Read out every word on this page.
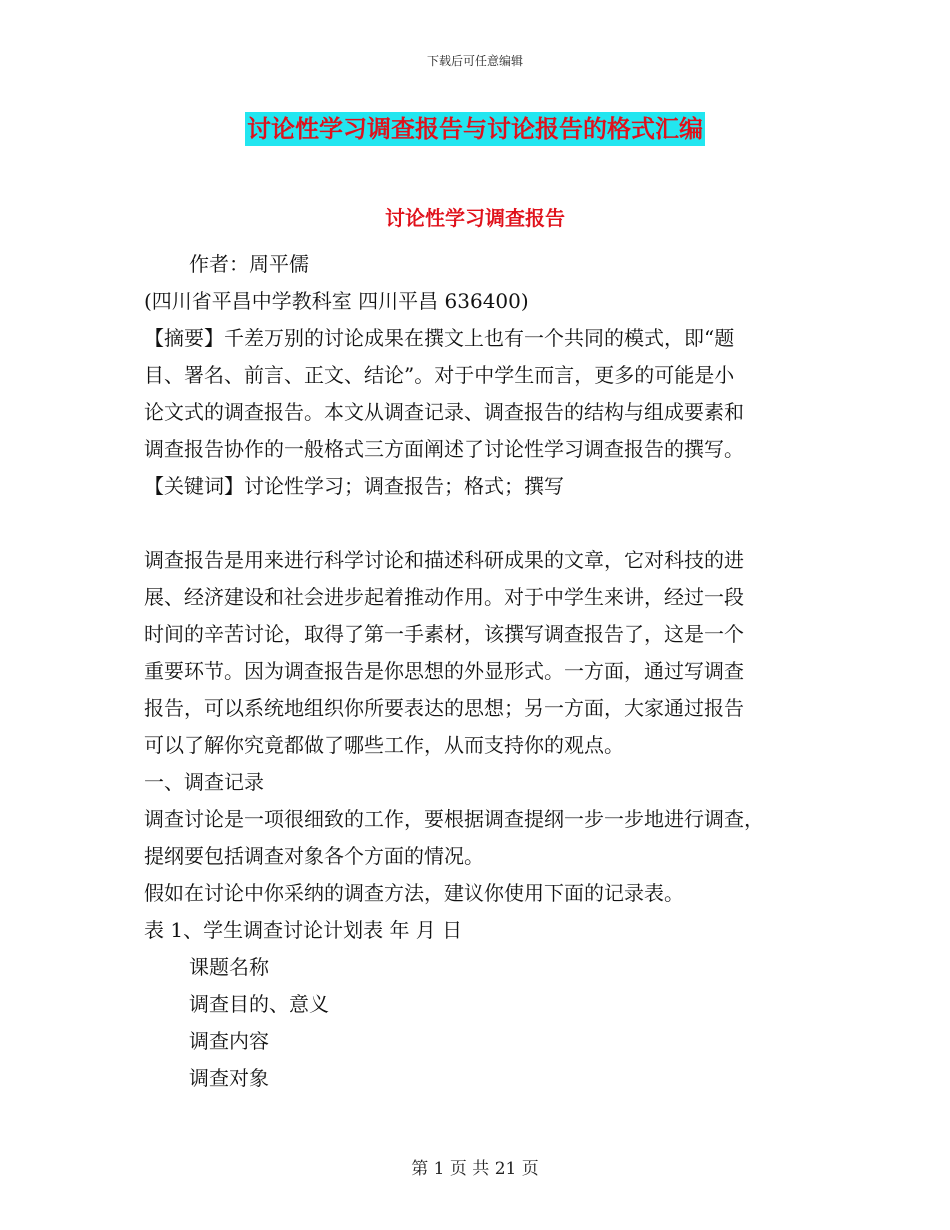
下载后可任意编辑
讨论性学习调查报告与讨论报告的格式汇编
讨论性学习调查报告

作者：周平儒

(四川省平昌中学教科室 四川平昌 636400)

【摘要】千差万别的讨论成果在撰文上也有一个共同的模式，即“题

目、署名、前言、正文、结论”。对于中学生而言，更多的可能是小

论文式的调查报告。本文从调查记录、调查报告的结构与组成要素和

调查报告协作的一般格式三方面阐述了讨论性学习调查报告的撰写。

【关键词】讨论性学习；调查报告；格式；撰写

调查报告是用来进行科学讨论和描述科研成果的文章，它对科技的进

展、经济建设和社会进步起着推动作用。对于中学生来讲，经过一段

时间的辛苦讨论，取得了第一手素材，该撰写调查报告了，这是一个

重要环节。因为调查报告是你思想的外显形式。一方面，通过写调查

报告，可以系统地组织你所要表达的思想；另一方面，大家通过报告

可以了解你究竟都做了哪些工作，从而支持你的观点。

一、调查记录

调查讨论是一项很细致的工作，要根据调查提纲一步一步地进行调查，

提纲要包括调查对象各个方面的情况。

假如在讨论中你采纳的调查方法，建议你使用下面的记录表。

表 1、学生调查讨论计划表 年 月 日

课题名称

调查目的、意义

调查内容

调查对象

第 1 页 共 21 页
